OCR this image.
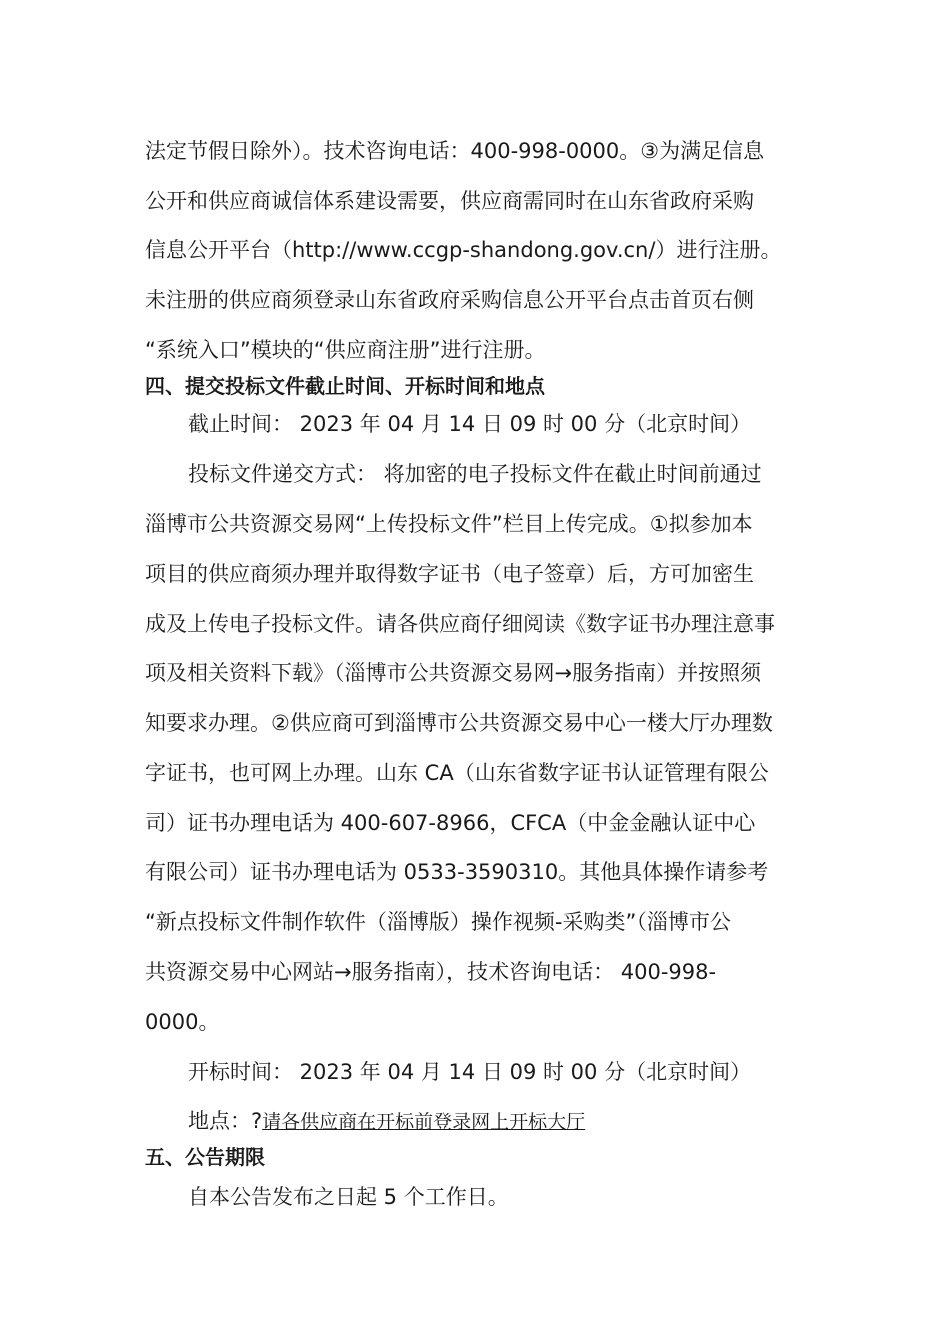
法定节假日除外）。技术咨询电话：400-998-0000。③为满足信息
公开和供应商诚信体系建设需要，供应商需同时在山东省政府采购
信息公开平台（http://www.ccgp-shandong.gov.cn/）进行注册。
未注册的供应商须登录山东省政府采购信息公开平台点击首页右侧
“系统入口”模块的“供应商注册”进行注册。
四、提交投标文件截止时间、开标时间和地点
截止时间： 2023 年 04 月 14 日 09 时 00 分（北京时间）
投标文件递交方式： 将加密的电子投标文件在截止时间前通过
淄博市公共资源交易网“上传投标文件”栏目上传完成。①拟参加本
项目的供应商须办理并取得数字证书（电子签章）后，方可加密生
成及上传电子投标文件。请各供应商仔细阅读《数字证书办理注意事
项及相关资料下载》（淄博市公共资源交易网→服务指南）并按照须
知要求办理。②供应商可到淄博市公共资源交易中心一楼大厅办理数
字证书，也可网上办理。山东 CA（山东省数字证书认证管理有限公
司）证书办理电话为 400-607-8966，CFCA（中金金融认证中心
有限公司）证书办理电话为 0533-3590310。其他具体操作请参考
“新点投标文件制作软件（淄博版）操作视频-采购类”（淄博市公
共资源交易中心网站→服务指南），技术咨询电话： 400-998-
0000。
开标时间： 2023 年 04 月 14 日 09 时 00 分（北京时间）
地点：?请各供应商在开标前登录网上开标大厅
五、公告期限
自本公告发布之日起 5 个工作日。
